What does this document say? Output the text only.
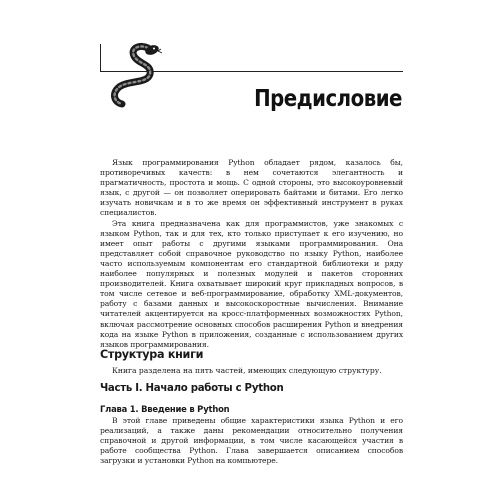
Предисловие

Язык программирования Python обладает рядом, казалось бы, противоречивых качеств: в нем сочетаются элегантность и прагматичность, простота и мощь. С одной стороны, это высокоуровневый язык, с другой — он позволяет оперировать байтами и битами. Его легко изучать новичкам и в то же время он эффективный инструмент в руках специалистов.

Эта книга предназначена как для программистов, уже знакомых с языком Python, так и для тех, кто только приступает к его изучению, но имеет опыт работы с другими языками программирования. Она представляет собой справочное руководство по языку Python, наиболее часто используемым компонентам его стандартной библиотеки и ряду наиболее популярных и полезных модулей и пакетов сторонних производителей. Книга охватывает широкий круг прикладных вопросов, в том числе сетевое и веб-программирование, обработку XML-документов, работу с базами данных и высокоскоростные вычисления. Внимание читателей акцентируется на кросс-платформенных возможностях Python, включая рассмотрение основных способов расширения Python и внедрения кода на языке Python в приложения, созданные с использованием других языков программирования.

Структура книги

Книга разделена на пять частей, имеющих следующую структуру.

Часть I. Начало работы с Python
Глава 1. Введение в Python

В этой главе приведены общие характеристики языка Python и его реализаций, а также даны рекомендации относительно получения справочной и другой информации, в том числе касающейся участия в работе сообщества Python. Глава завершается описанием способов загрузки и установки Python на компьютере.
